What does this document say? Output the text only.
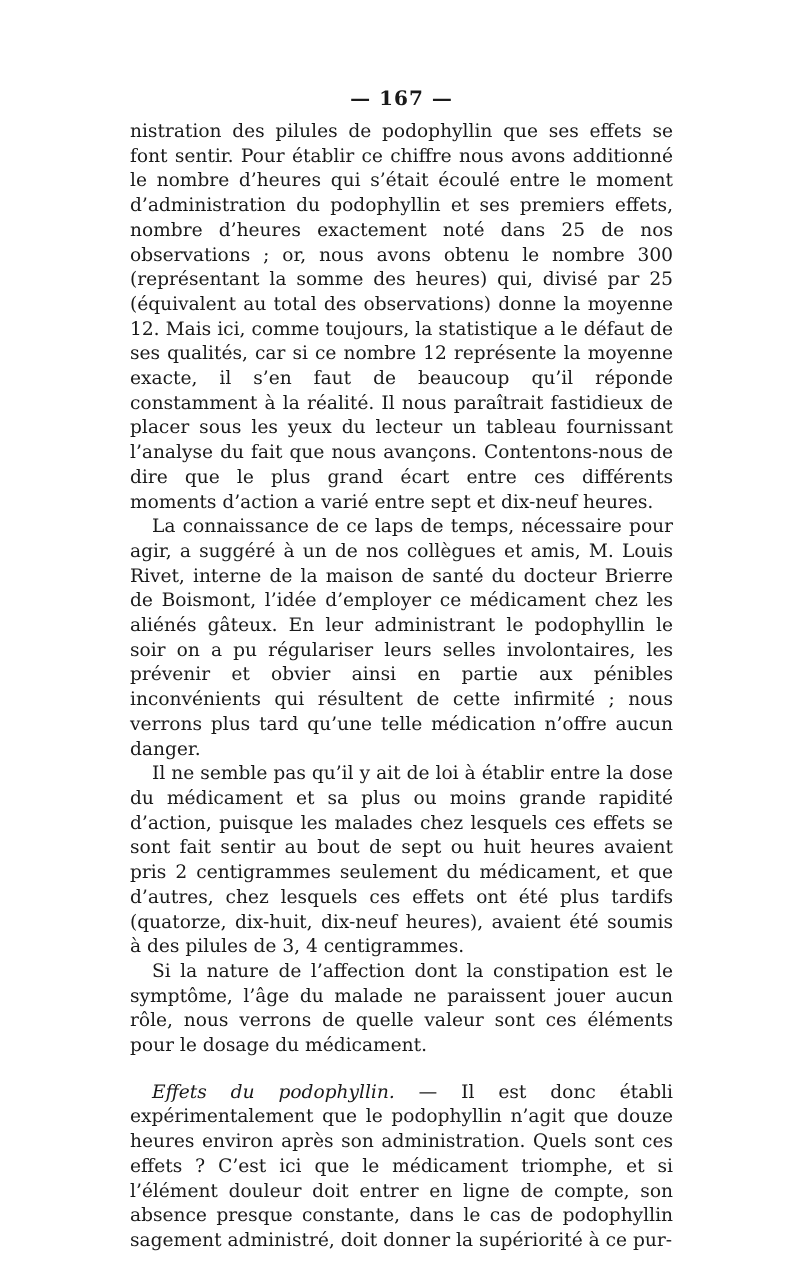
— 167 —

nistration des pilules de podophyllin que ses effets se font sentir. Pour établir ce chiffre nous avons additionné le nombre d’heures qui s’était écoulé entre le moment d’administration du podophyllin et ses premiers effets, nombre d’heures exactement noté dans 25 de nos observations ; or, nous avons obtenu le nombre 300 (représentant la somme des heures) qui, divisé par 25 (équivalent au total des observations) donne la moyenne 12. Mais ici, comme toujours, la statistique a le défaut de ses qualités, car si ce nombre 12 représente la moyenne exacte, il s’en faut de beaucoup qu’il réponde constamment à la réalité. Il nous paraîtrait fastidieux de placer sous les yeux du lecteur un tableau fournissant l’analyse du fait que nous avançons. Contentons-nous de dire que le plus grand écart entre ces différents moments d’action a varié entre sept et dix-neuf heures.

La connaissance de ce laps de temps, nécessaire pour agir, a suggéré à un de nos collègues et amis, M. Louis Rivet, interne de la maison de santé du docteur Brierre de Boismont, l’idée d’employer ce médicament chez les aliénés gâteux. En leur administrant le podophyllin le soir on a pu régulariser leurs selles involontaires, les prévenir et obvier ainsi en partie aux pénibles inconvénients qui résultent de cette infirmité ; nous verrons plus tard qu’une telle médication n’offre aucun danger.

Il ne semble pas qu’il y ait de loi à établir entre la dose du médicament et sa plus ou moins grande rapidité d’action, puisque les malades chez lesquels ces effets se sont fait sentir au bout de sept ou huit heures avaient pris 2 centigrammes seulement du médicament, et que d’autres, chez lesquels ces effets ont été plus tardifs (quatorze, dix-huit, dix-neuf heures), avaient été soumis à des pilules de 3, 4 centigrammes.

Si la nature de l’affection dont la constipation est le symptôme, l’âge du malade ne paraissent jouer aucun rôle, nous verrons de quelle valeur sont ces éléments pour le dosage du médicament.

Effets du podophyllin. — Il est donc établi expérimentalement que le podophyllin n’agit que douze heures environ après son administration. Quels sont ces effets ? C’est ici que le médicament triomphe, et si l’élément douleur doit entrer en ligne de compte, son absence presque constante, dans le cas de podophyllin sagement administré, doit donner la supériorité à ce pur-
